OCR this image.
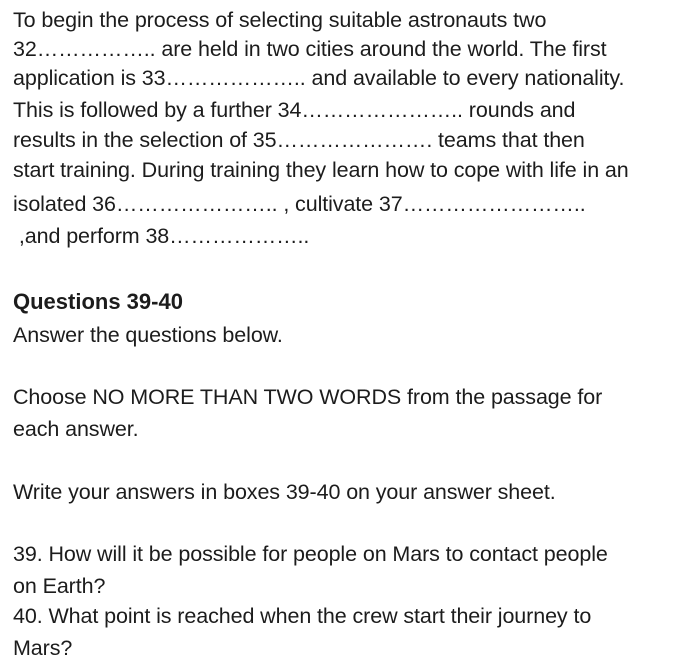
To begin the process of selecting suitable astronauts two
32…………….. are held in two cities around the world. The first
application is 33……………….. and available to every nationality.
This is followed by a further 34………………….. rounds and
results in the selection of 35…………………. teams that then
start training. During training they learn how to cope with life in an
isolated 36………………….. , cultivate 37……………………..
,and perform 38………………..
Questions 39-40
Answer the questions below.
Choose NO MORE THAN TWO WORDS from the passage for
each answer.
Write your answers in boxes 39-40 on your answer sheet.
39. How will it be possible for people on Mars to contact people
on Earth?
40. What point is reached when the crew start their journey to
Mars?
